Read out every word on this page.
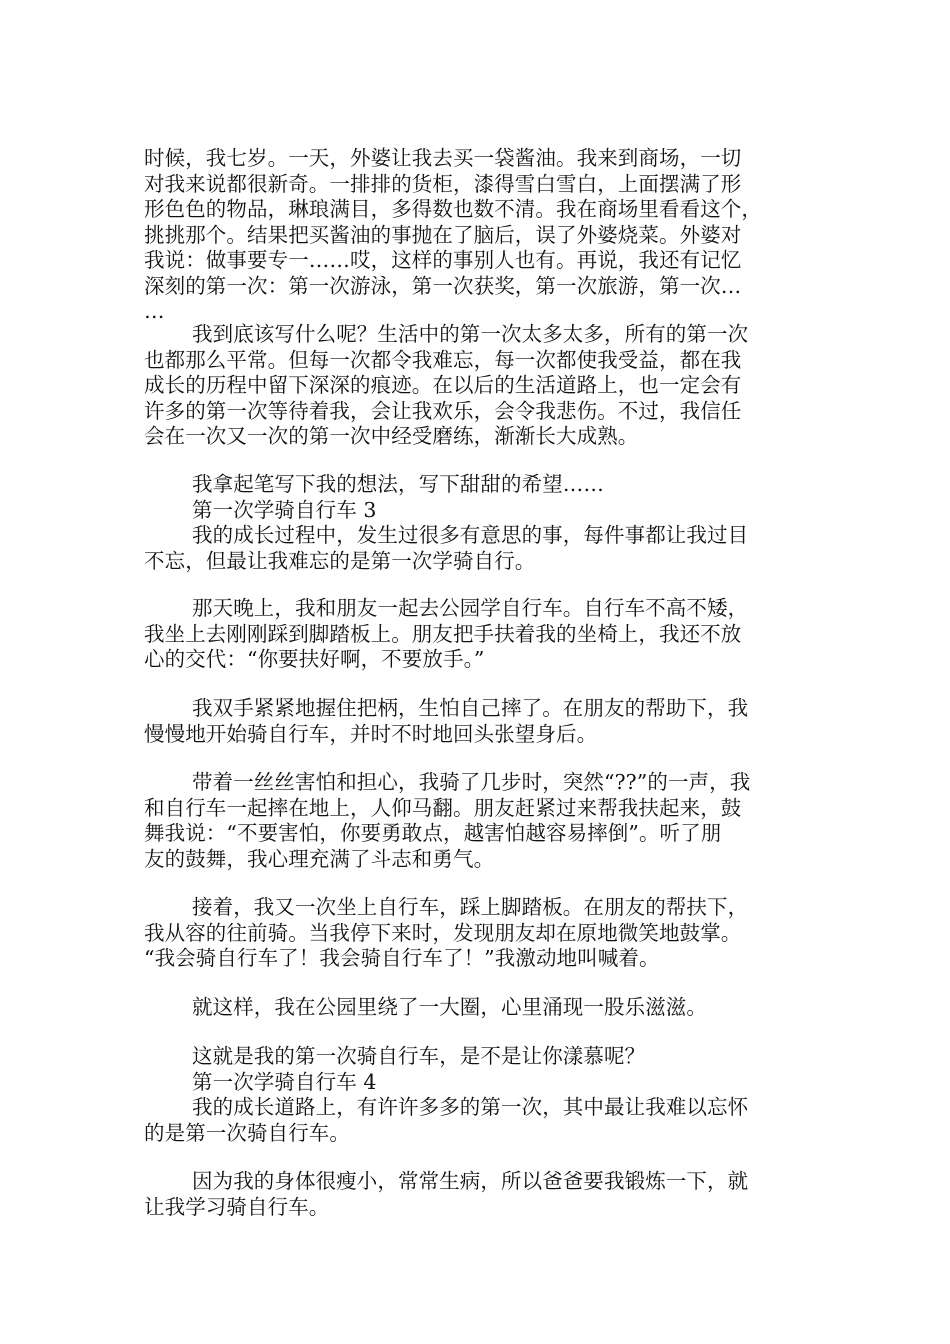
时候，我七岁。一天，外婆让我去买一袋酱油。我来到商场，一切
对我来说都很新奇。一排排的货柜，漆得雪白雪白，上面摆满了形
形色色的物品，琳琅满目，多得数也数不清。我在商场里看看这个，
挑挑那个。结果把买酱油的事抛在了脑后，误了外婆烧菜。外婆对
我说：做事要专一……哎，这样的事别人也有。再说，我还有记忆
深刻的第一次：第一次游泳，第一次获奖，第一次旅游，第一次…
…
我到底该写什么呢？生活中的第一次太多太多，所有的第一次
也都那么平常。但每一次都令我难忘，每一次都使我受益，都在我
成长的历程中留下深深的痕迹。在以后的生活道路上，也一定会有
许多的第一次等待着我，会让我欢乐，会令我悲伤。不过，我信任
会在一次又一次的第一次中经受磨练，渐渐长大成熟。
我拿起笔写下我的想法，写下甜甜的希望……
第一次学骑自行车 3
我的成长过程中，发生过很多有意思的事，每件事都让我过目
不忘，但最让我难忘的是第一次学骑自行。
那天晚上，我和朋友一起去公园学自行车。自行车不高不矮，
我坐上去刚刚踩到脚踏板上。朋友把手扶着我的坐椅上，我还不放
心的交代：“你要扶好啊，不要放手。”
我双手紧紧地握住把柄，生怕自己摔了。在朋友的帮助下，我
慢慢地开始骑自行车，并时不时地回头张望身后。
带着一丝丝害怕和担心，我骑了几步时，突然“??”的一声，我
和自行车一起摔在地上，人仰马翻。朋友赶紧过来帮我扶起来，鼓
舞我说：“不要害怕，你要勇敢点，越害怕越容易摔倒”。听了朋
友的鼓舞，我心理充满了斗志和勇气。
接着，我又一次坐上自行车，踩上脚踏板。在朋友的帮扶下，
我从容的往前骑。当我停下来时，发现朋友却在原地微笑地鼓掌。
“我会骑自行车了！我会骑自行车了！”我激动地叫喊着。
就这样，我在公园里绕了一大圈，心里涌现一股乐滋滋。
这就是我的第一次骑自行车，是不是让你漾慕呢？
第一次学骑自行车 4
我的成长道路上，有许许多多的第一次，其中最让我难以忘怀
的是第一次骑自行车。
因为我的身体很瘦小，常常生病，所以爸爸要我锻炼一下，就
让我学习骑自行车。
